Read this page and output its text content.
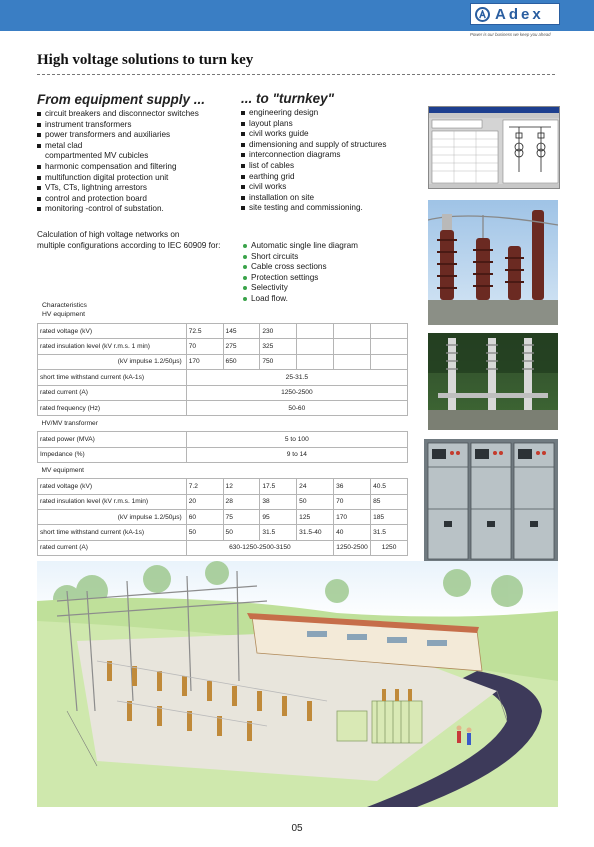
Adex
Power is our business we keep you ahead
High voltage solutions to turn key
From equipment supply ...
circuit breakers and disconnector switches
instrument transformers
power transformers and auxiliaries
metal clad
compartmented MV cubicles
harmonic compensation and filtering
multifunction digital protection unit
VTs, CTs, lightning arrestors
control and protection board
monitoring -control of substation.
... to "turnkey"
engineering design
layout plans
civil works guide
dimensioning and supply of structures
interconnection diagrams
list of cables
earthing grid
civil works
installation on site
site testing and commissioning.
Calculation of high voltage networks on
multiple configurations according to IEC 60909 for:	Automatic single line diagram
Short circuits
Cable cross sections
Protection settings
Selectivity
Load flow.
Characteristics
HV equipment
rated voltage (kV)	72.5	145	230			
rated insulation level (kV r.m.s. 1 min)	70	275	325			
(kV impulse 1.2/50µs)	170	650	750			
short time withstand current (kA-1s)	25-31.5					
rated current (A)	1250-2500					
rated frequency (Hz)	50-60					
HV/MV transformer						
rated power (MVA)	5 to 100					
Impedance (%)	9 to 14					
MV equipment						
rated voltage (kV)	7.2	12	17.5	24	36	40.5
rated insulation level (kV r.m.s. 1min)	20	28	38	50	70	85
(kV impulse 1.2/50µs)	60	75	95	125	170	185
short time withstand current (kA-1s)	50	50	31.5	31.5-40	40	31.5
rated current (A)	630-1250-2500-3150				1250-2500	1250
05
